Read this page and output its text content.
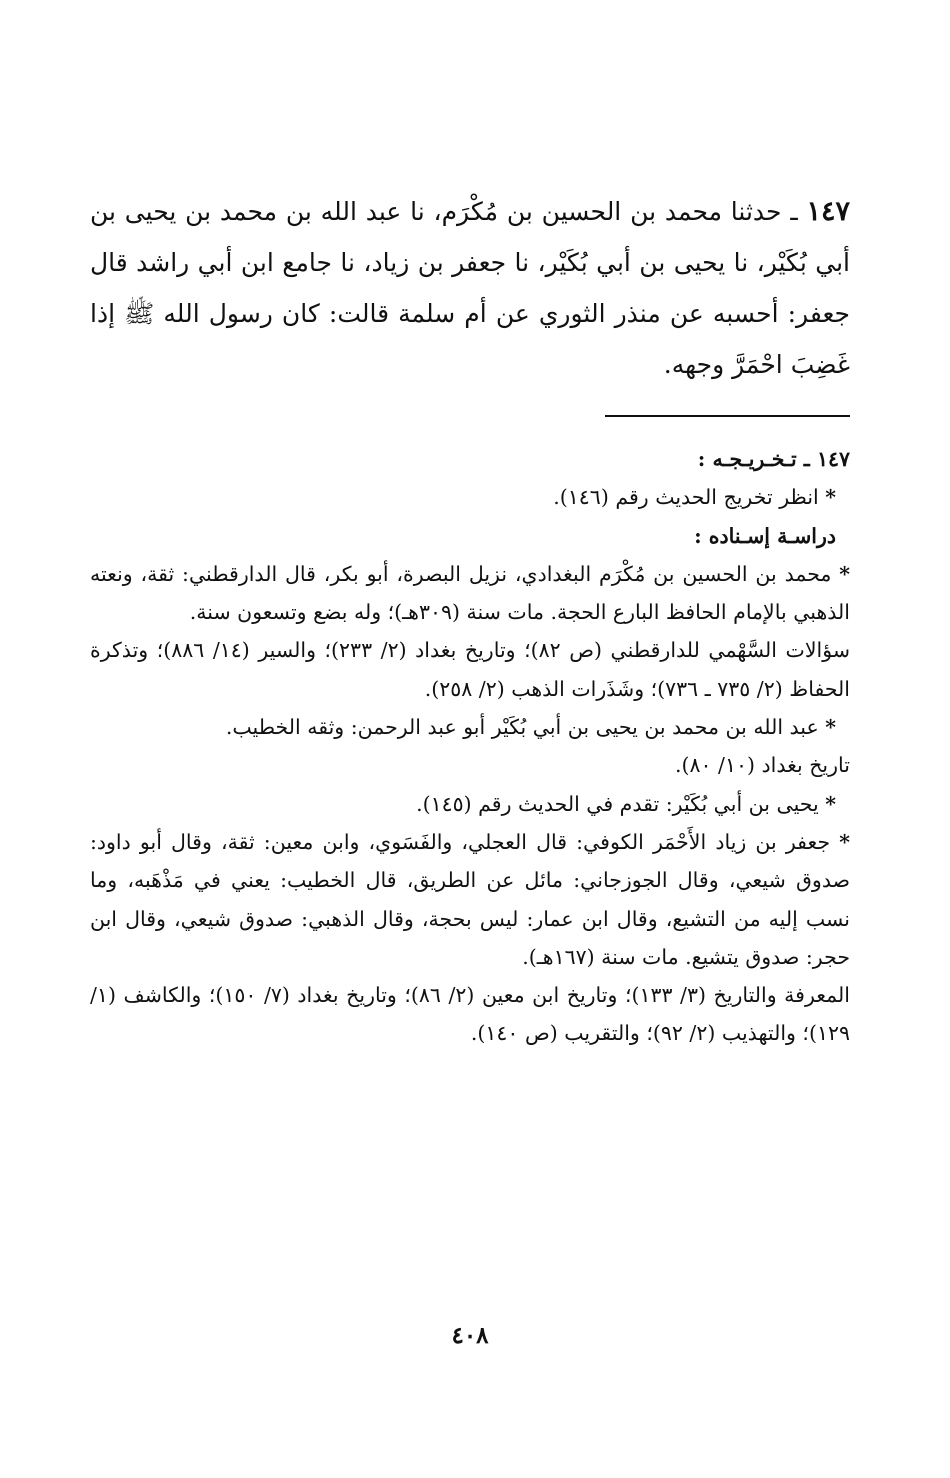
١٤٧ ـ حدثنا محمد بن الحسين بن مُكْرَم، نا عبد الله بن محمد بن يحيى بن أبي بُكَيْر، نا يحيى بن أبي بُكَيْر، نا جعفر بن زياد، نا جامع ابن أبي راشد قال جعفر: أحسبه عن منذر الثوري عن أم سلمة قالت: كان رسول الله ﷺ إذا غَضِبَ احْمَرَّ وجهه.

١٤٧ ـ تـخـريـجـه :

* انظر تخريج الحديث رقم (١٤٦).

دراسـة إسـناده :

* محمد بن الحسين بن مُكْرَم البغدادي، نزيل البصرة، أبو بكر، قال الدارقطني: ثقة، ونعته الذهبي بالإمام الحافظ البارع الحجة. مات سنة (٣٠٩هـ)؛ وله بضع وتسعون سنة.

سؤالات السَّهْمي للدارقطني (ص ٨٢)؛ وتاريخ بغداد (٢/ ٢٣٣)؛ والسير (١٤/ ٨٨٦)؛ وتذكرة الحفاظ (٢/ ٧٣٥ ـ ٧٣٦)؛ وشَذَرات الذهب (٢/ ٢٥٨).

* عبد الله بن محمد بن يحيى بن أبي بُكَيْر أبو عبد الرحمن: وثقه الخطيب.

تاريخ بغداد (١٠/ ٨٠).

* يحيى بن أبي بُكَيْر: تقدم في الحديث رقم (١٤٥).

* جعفر بن زياد الأَحْمَر الكوفي: قال العجلي، والفَسَوي، وابن معين: ثقة، وقال أبو داود: صدوق شيعي، وقال الجوزجاني: مائل عن الطريق، قال الخطيب: يعني في مَذْهَبه، وما نسب إليه من التشيع، وقال ابن عمار: ليس بحجة، وقال الذهبي: صدوق شيعي، وقال ابن حجر: صدوق يتشيع. مات سنة (١٦٧هـ).

المعرفة والتاريخ (٣/ ١٣٣)؛ وتاريخ ابن معين (٢/ ٨٦)؛ وتاريخ بغداد (٧/ ١٥٠)؛ والكاشف (١/ ١٢٩)؛ والتهذيب (٢/ ٩٢)؛ والتقريب (ص ١٤٠).

٤٠٨
